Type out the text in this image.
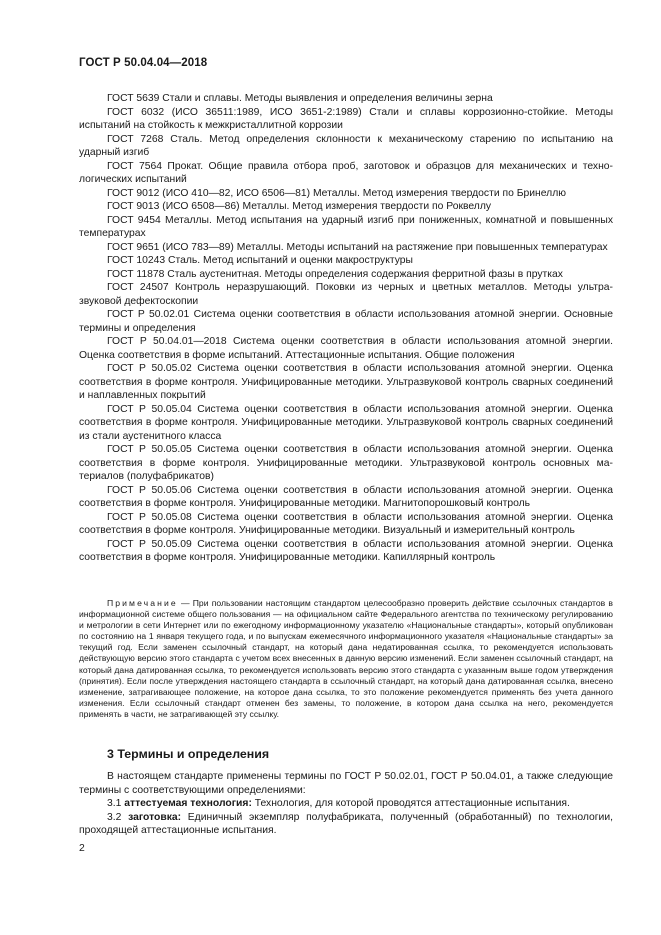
ГОСТ Р 50.04.04—2018

ГОСТ 5639 Стали и сплавы. Методы выявления и определения величины зерна

ГОСТ 6032 (ИСО 36511:1989, ИСО 3651-2:1989) Стали и сплавы коррозионно-стойкие. Методы испытаний на стойкость к межкристаллитной коррозии

ГОСТ 7268 Сталь. Метод определения склонности к механическому старению по испытанию на ударный изгиб

ГОСТ 7564 Прокат. Общие правила отбора проб, заготовок и образцов для механических и технологических испытаний

ГОСТ 9012 (ИСО 410—82, ИСО 6506—81) Металлы. Метод измерения твердости по Бринеллю

ГОСТ 9013 (ИСО 6508—86) Металлы. Метод измерения твердости по Роквеллу

ГОСТ 9454 Металлы. Метод испытания на ударный изгиб при пониженных, комнатной и повышенных температурах

ГОСТ 9651 (ИСО 783—89) Металлы. Методы испытаний на растяжение при повышенных температурах

ГОСТ 10243 Сталь. Метод испытаний и оценки макроструктуры

ГОСТ 11878 Сталь аустенитная. Методы определения содержания ферритной фазы в прутках

ГОСТ 24507 Контроль неразрушающий. Поковки из черных и цветных металлов. Методы ультразвуковой дефектоскопии

ГОСТ Р 50.02.01 Система оценки соответствия в области использования атомной энергии. Основные термины и определения

ГОСТ Р 50.04.01—2018 Система оценки соответствия в области использования атомной энергии. Оценка соответствия в форме испытаний. Аттестационные испытания. Общие положения

ГОСТ Р 50.05.02 Система оценки соответствия в области использования атомной энергии. Оценка соответствия в форме контроля. Унифицированные методики. Ультразвуковой контроль сварных соединений и наплавленных покрытий

ГОСТ Р 50.05.04 Система оценки соответствия в области использования атомной энергии. Оценка соответствия в форме контроля. Унифицированные методики. Ультразвуковой контроль сварных соединений из стали аустенитного класса

ГОСТ Р 50.05.05 Система оценки соответствия в области использования атомной энергии. Оценка соответствия в форме контроля. Унифицированные методики. Ультразвуковой контроль основных материалов (полуфабрикатов)

ГОСТ Р 50.05.06 Система оценки соответствия в области использования атомной энергии. Оценка соответствия в форме контроля. Унифицированные методики. Магнитопорошковый контроль

ГОСТ Р 50.05.08 Система оценки соответствия в области использования атомной энергии. Оценка соответствия в форме контроля. Унифицированные методики. Визуальный и измерительный контроль

ГОСТ Р 50.05.09 Система оценки соответствия в области использования атомной энергии. Оценка соответствия в форме контроля. Унифицированные методики. Капиллярный контроль

Примечание — При пользовании настоящим стандартом целесообразно проверить действие ссылочных стандартов в информационной системе общего пользования — на официальном сайте Федерального агентства по техническому регулированию и метрологии в сети Интернет или по ежегодному информационному указателю «Национальные стандарты», который опубликован по состоянию на 1 января текущего года, и по выпускам ежемесячного информационного указателя «Национальные стандарты» за текущий год. Если заменен ссылочный стандарт, на который дана недатированная ссылка, то рекомендуется использовать действующую версию этого стандарта с учетом всех внесенных в данную версию изменений. Если заменен ссылочный стандарт, на который дана датированная ссылка, то рекомендуется использовать версию этого стандарта с указанным выше годом утверждения (принятия). Если после утверждения настоящего стандарта в ссылочный стандарт, на который дана датированная ссылка, внесено изменение, затрагивающее положение, на которое дана ссылка, то это положение рекомендуется применять без учета данного изменения. Если ссылочный стандарт отменен без замены, то положение, в котором дана ссылка на него, рекомендуется применять в части, не затрагивающей эту ссылку.

3 Термины и определения

В настоящем стандарте применены термины по ГОСТ Р 50.02.01, ГОСТ Р 50.04.01, а также следующие термины с соответствующими определениями:

3.1 аттестуемая технология: Технология, для которой проводятся аттестационные испытания.

3.2 заготовка: Единичный экземпляр полуфабриката, полученный (обработанный) по технологии, проходящей аттестационные испытания.

2
